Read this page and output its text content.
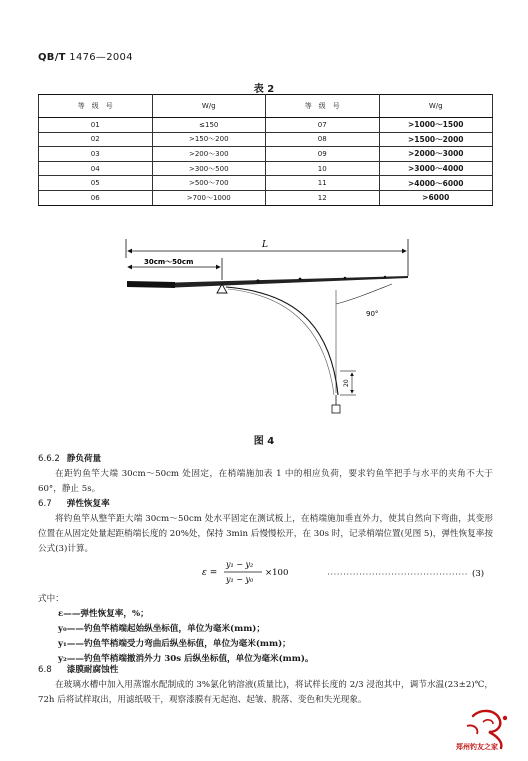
QB/T 1476—2004
表 2
等　级　号	W/g	等　级　号	W/g
01	≤150	07	>1000～1500
02	>150～200	08	>1500～2000
03	>200～300	09	>2000～3000
04	>300～500	10	>3000～4000
05	>500～700	11	>4000～6000
06	>700～1000	12	>6000
L
30cm～50cm
90°
20
图 4
6.6.2 静负荷量

在距钓鱼竿大端 30cm～50cm 处固定，在梢端施加表 1 中的相应负荷，要求钓鱼竿把手与水平的夹角不大于 60°，静止 5s。

6.7 弹性恢复率

将钓鱼竿从整竿距大端 30cm～50cm 处水平固定在测试板上，在梢端施加垂直外力，使其自然向下弯曲，其变形位置在从固定处量起距梢端长度的 20%处，保持 3min 后慢慢松开，在 30s 时，记录梢端位置(见图 5)，弹性恢复率按公式(3)计算。

ε =
y₁ − y₂
y₁ − y₀
×100	(3)

式中：

ε——弹性恢复率，%；

y₀——钓鱼竿梢端起始纵坐标值，单位为毫米(mm)；

y₁——钓鱼竿梢端受力弯曲后纵坐标值，单位为毫米(mm)；

y₂——钓鱼竿梢端撤消外力 30s 后纵坐标值，单位为毫米(mm)。

6.8 漆膜耐腐蚀性

在玻璃水槽中加入用蒸馏水配制成的 3%氯化钠溶液(质量比)，将试样长度的 2/3 浸泡其中，调节水温(23±2)℃，72h 后将试样取出，用滤纸吸干，观察漆膜有无起泡、起皱、脱落、变色和失光现象。

郑州钓友之家
